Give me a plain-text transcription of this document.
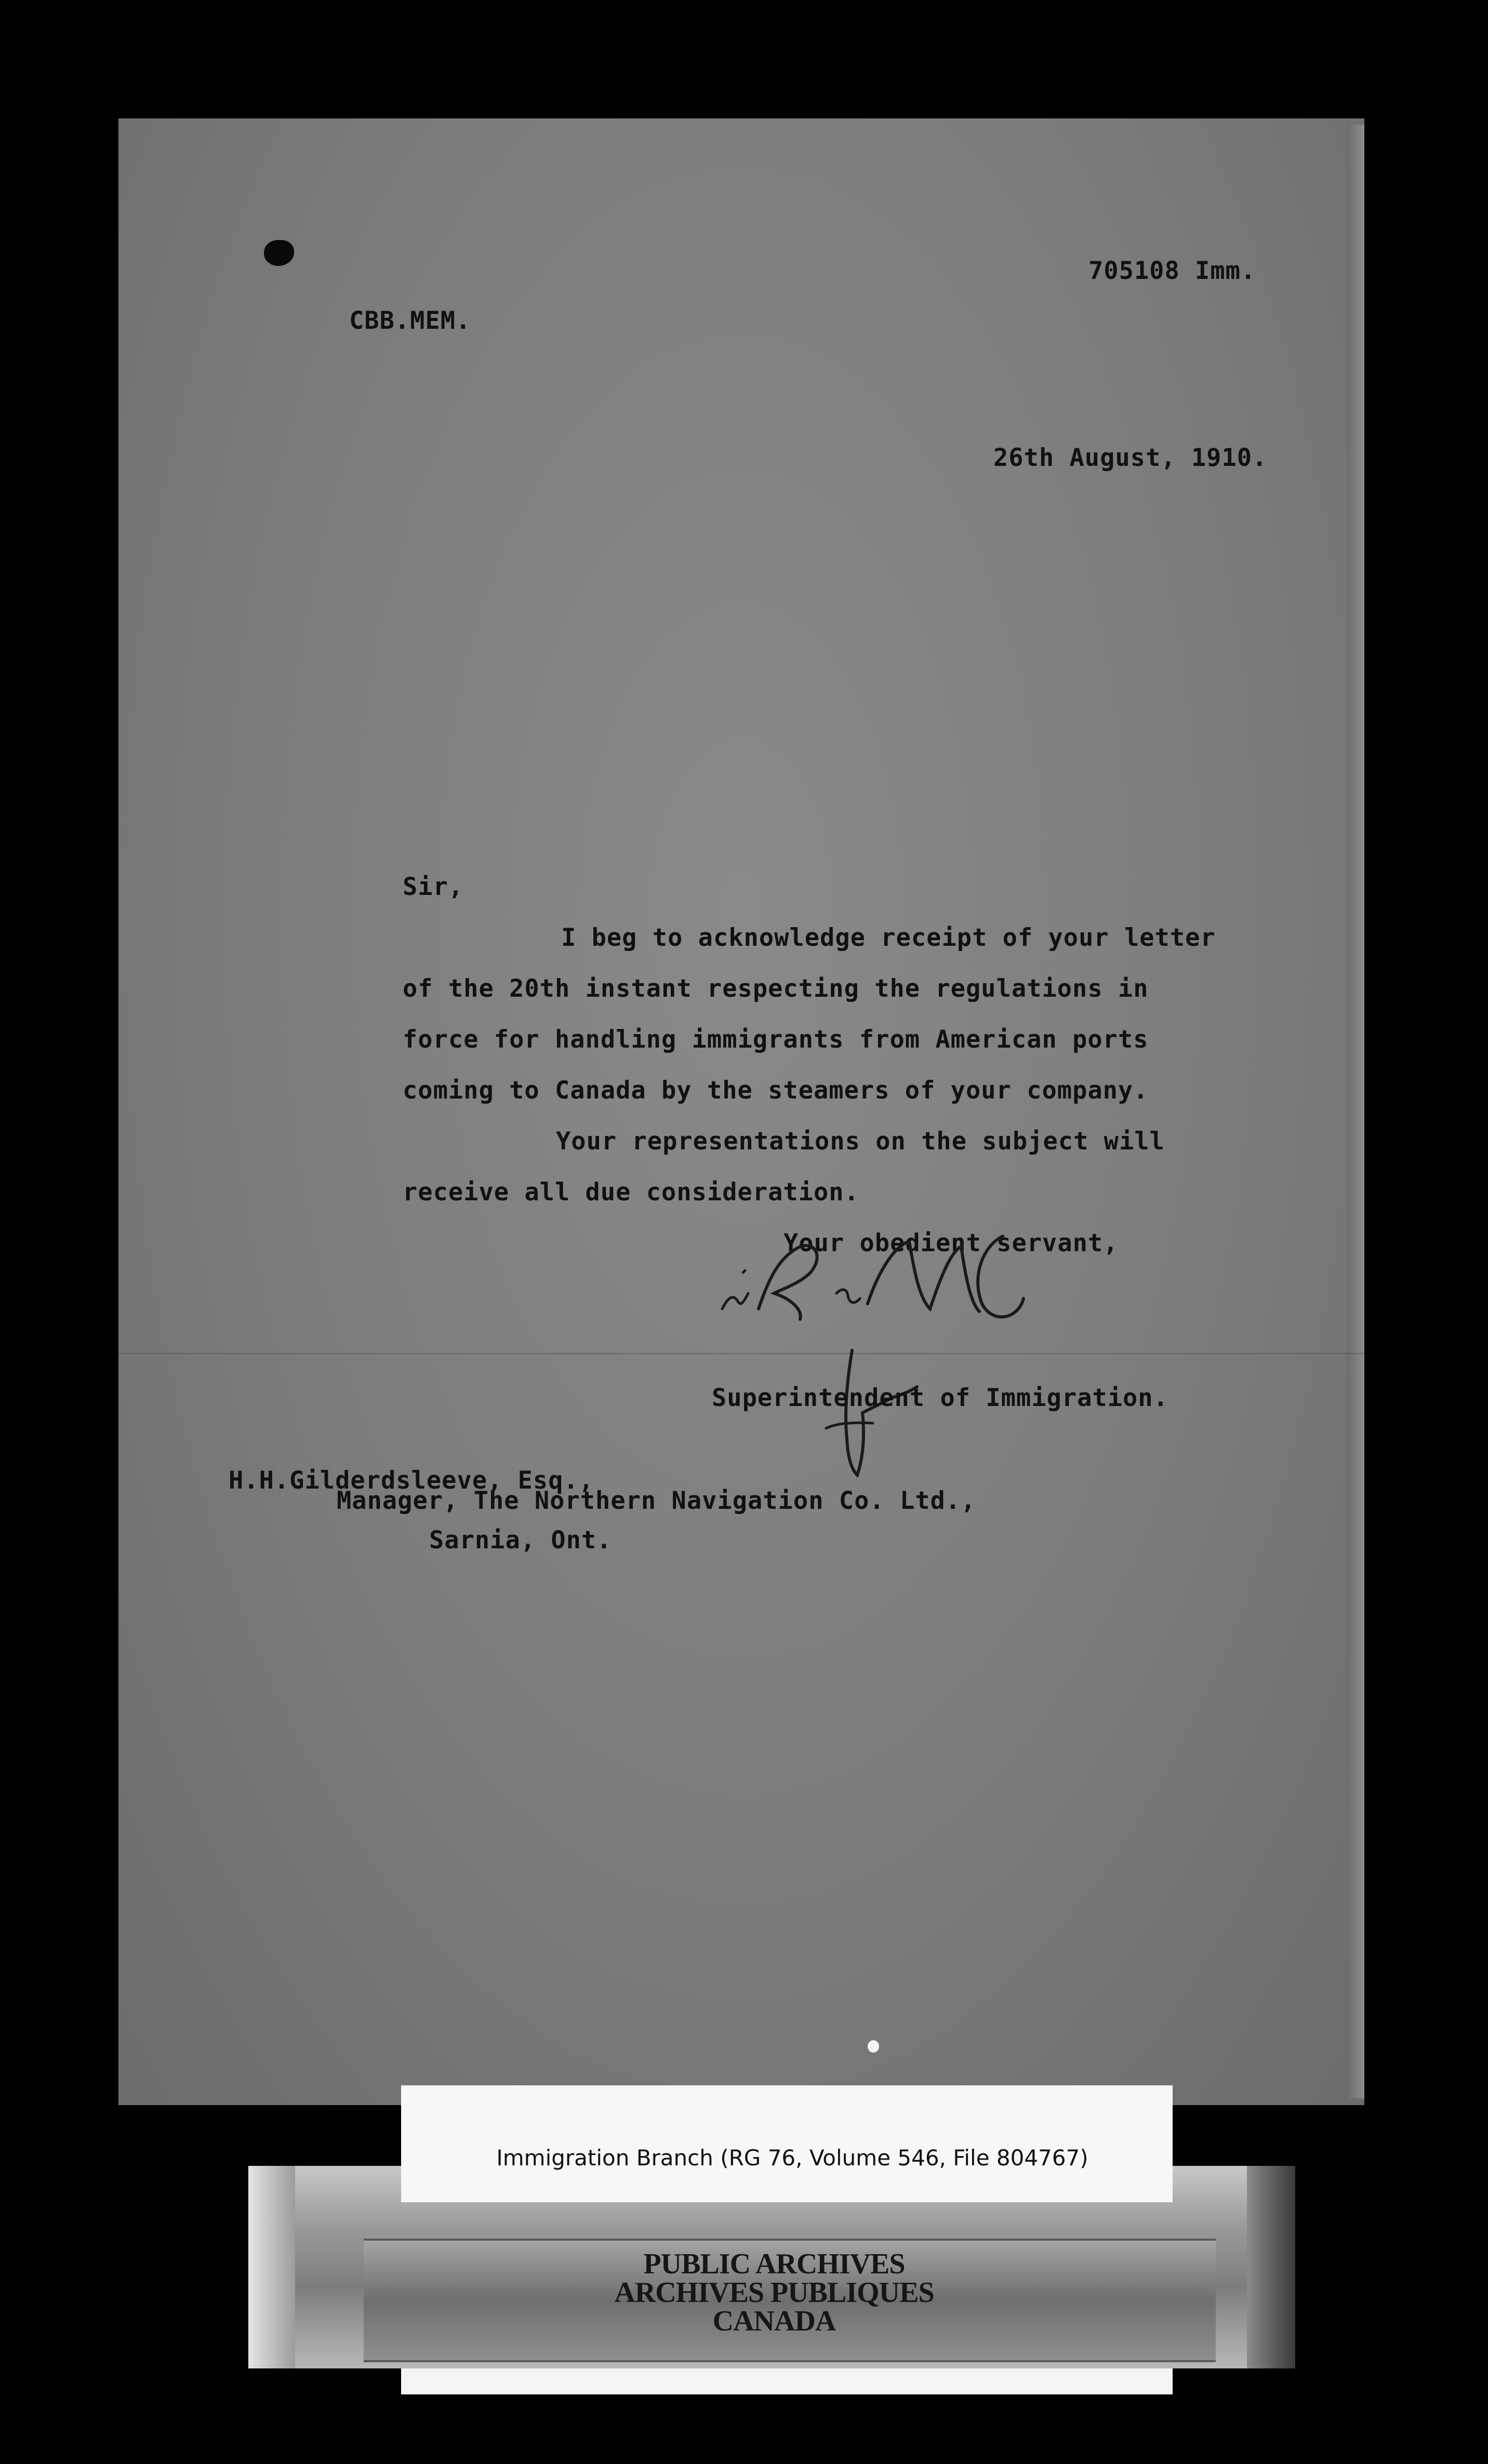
705108 Imm.
CBB.MEM.
26th August, 1910.
Sir,
I beg to acknowledge receipt of your letter
of the 20th instant respecting the regulations in
force for handling immigrants from American ports
coming to Canada by the steamers of your company.
Your representations on the subject will
receive all due consideration.
Your obedient servant,
Superintendent of Immigration.
H.H.Gilderdsleeve, Esq.,
Manager, The Northern Navigation Co. Ltd.,
Sarnia, Ont.
Immigration Branch (RG 76, Volume 546, File 804767)
PUBLIC ARCHIVES
ARCHIVES PUBLIQUES
CANADA
